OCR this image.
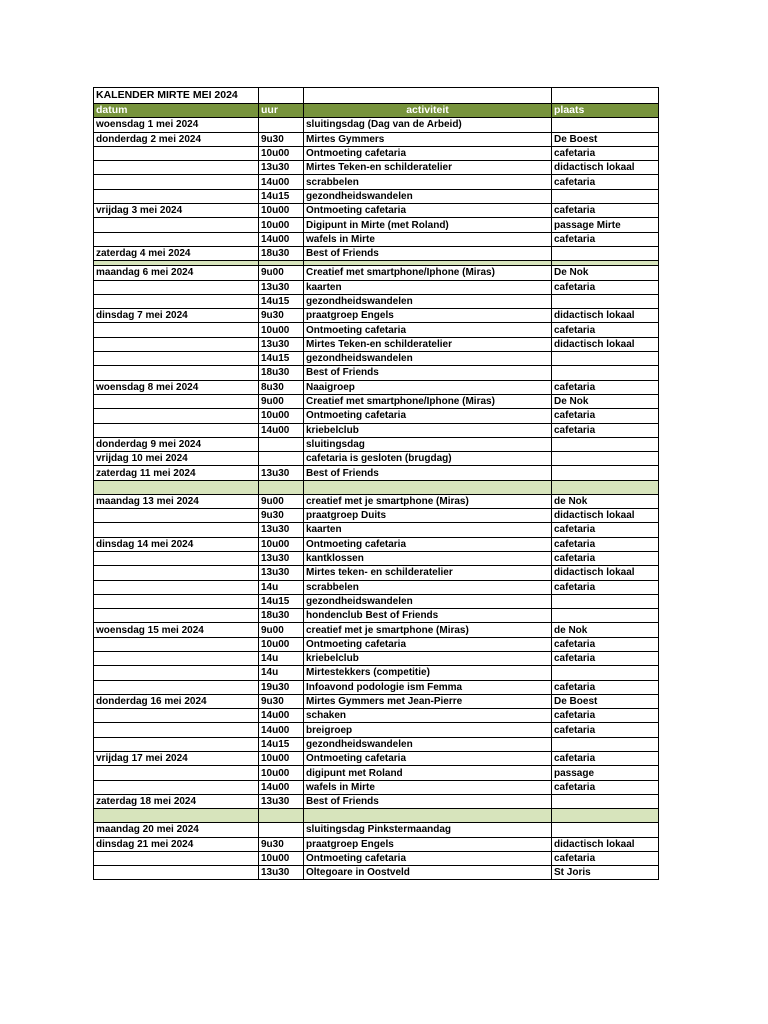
KALENDER MIRTE MEI 2024			
datum	uur	activiteit	plaats
woensdag 1 mei 2024		sluitingsdag (Dag van de Arbeid)	
donderdag 2 mei 2024	9u30	Mirtes Gymmers	De Boest
	10u00	Ontmoeting cafetaria	cafetaria
	13u30	Mirtes Teken-en schilderatelier	didactisch lokaal
	14u00	scrabbelen	cafetaria
	14u15	gezondheidswandelen	
vrijdag 3 mei 2024	10u00	Ontmoeting cafetaria	cafetaria
	10u00	Digipunt in Mirte (met Roland)	passage Mirte
	14u00	wafels in Mirte	cafetaria
zaterdag 4 mei 2024	18u30	Best of Friends	

maandag 6 mei 2024	9u00	Creatief met smartphone/Iphone (Miras)	De Nok
	13u30	kaarten	cafetaria
	14u15	gezondheidswandelen	
dinsdag 7 mei 2024	9u30	praatgroep Engels	didactisch lokaal
	10u00	Ontmoeting cafetaria	cafetaria
	13u30	Mirtes Teken-en schilderatelier	didactisch lokaal
	14u15	gezondheidswandelen	
	18u30	Best of Friends	
woensdag 8 mei 2024	8u30	Naaigroep	cafetaria
	9u00	Creatief met smartphone/Iphone (Miras)	De Nok
	10u00	Ontmoeting cafetaria	cafetaria
	14u00	kriebelclub	cafetaria
donderdag 9 mei 2024		sluitingsdag	
vrijdag 10 mei 2024		cafetaria is gesloten (brugdag)	
zaterdag 11 mei 2024	13u30	Best of Friends	

maandag 13 mei 2024	9u00	creatief met je smartphone (Miras)	de Nok
	9u30	praatgroep Duits	didactisch lokaal
	13u30	kaarten	cafetaria
dinsdag 14 mei 2024	10u00	Ontmoeting cafetaria	cafetaria
	13u30	kantklossen	cafetaria
	13u30	Mirtes teken- en schilderatelier	didactisch lokaal
	14u	scrabbelen	cafetaria
	14u15	gezondheidswandelen	
	18u30	hondenclub Best of Friends	
woensdag 15 mei 2024	9u00	creatief met je smartphone (Miras)	de Nok
	10u00	Ontmoeting cafetaria	cafetaria
	14u	kriebelclub	cafetaria
	14u	Mirtestekkers (competitie)	
	19u30	Infoavond podologie ism Femma	cafetaria
donderdag 16 mei 2024	9u30	Mirtes Gymmers met Jean-Pierre	De Boest
	14u00	schaken	cafetaria
	14u00	breigroep	cafetaria
	14u15	gezondheidswandelen	
vrijdag 17 mei 2024	10u00	Ontmoeting cafetaria	cafetaria
	10u00	digipunt met Roland	passage
	14u00	wafels in Mirte	cafetaria
zaterdag 18 mei 2024	13u30	Best of Friends	

maandag 20 mei 2024		sluitingsdag Pinkstermaandag	
dinsdag 21 mei 2024	9u30	praatgroep Engels	didactisch lokaal
	10u00	Ontmoeting cafetaria	cafetaria
	13u30	Oltegoare in Oostveld	St Joris
